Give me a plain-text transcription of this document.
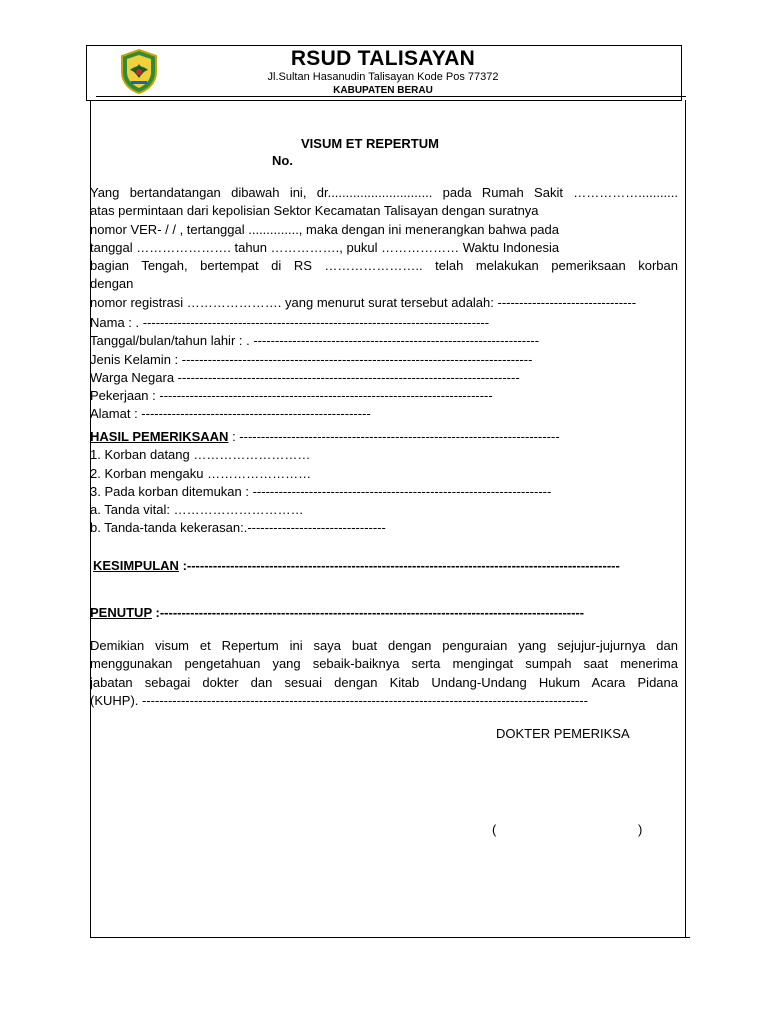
RSUD TALISAYAN
Jl.Sultan Hasanudin Talisayan Kode Pos 77372
KABUPATEN BERAU
VISUM ET REPERTUM
No.
Yang bertandatangan dibawah ini, dr............................. pada Rumah Sakit ……………...........
atas permintaan dari kepolisian Sektor Kecamatan Talisayan dengan suratnya
nomor VER- / / , tertanggal .............., maka dengan ini menerangkan bahwa pada
tanggal …………………. tahun ……………., pukul ……………… Waktu Indonesia
bagian Tengah, bertempat di RS ………………….. telah melakukan pemeriksaan korban
dengan
nomor registrasi …………………. yang menurut surat tersebut adalah: --------------------------------
Nama : . --------------------------------------------------------------------------------
Tanggal/bulan/tahun lahir : . ------------------------------------------------------------------
Jenis Kelamin : ---------------------------------------------------------------------------------
Warga Negara -------------------------------------------------------------------------------
Pekerjaan : -----------------------------------------------------------------------------
Alamat : -----------------------------------------------------
HASIL PEMERIKSAAN : --------------------------------------------------------------------------
1. Korban datang ………………………
2. Korban mengaku ……………………
3. Pada korban ditemukan : ---------------------------------------------------------------------
a. Tanda vital: …………………………
b. Tanda-tanda kekerasan:.--------------------------------
KESIMPULAN :----------------------------------------------------------------------------------------------------
PENUTUP :--------------------------------------------------------------------------------------------------
Demikian visum et Repertum ini saya buat dengan penguraian yang sejujur-jujurnya dan
menggunakan pengetahuan yang sebaik-baiknya serta mengingat sumpah saat menerima
jabatan sebagai dokter dan sesuai dengan Kitab Undang-Undang Hukum Acara Pidana
(KUHP). -------------------------------------------------------------------------------------------------------
DOKTER PEMERIKSA
(	)
